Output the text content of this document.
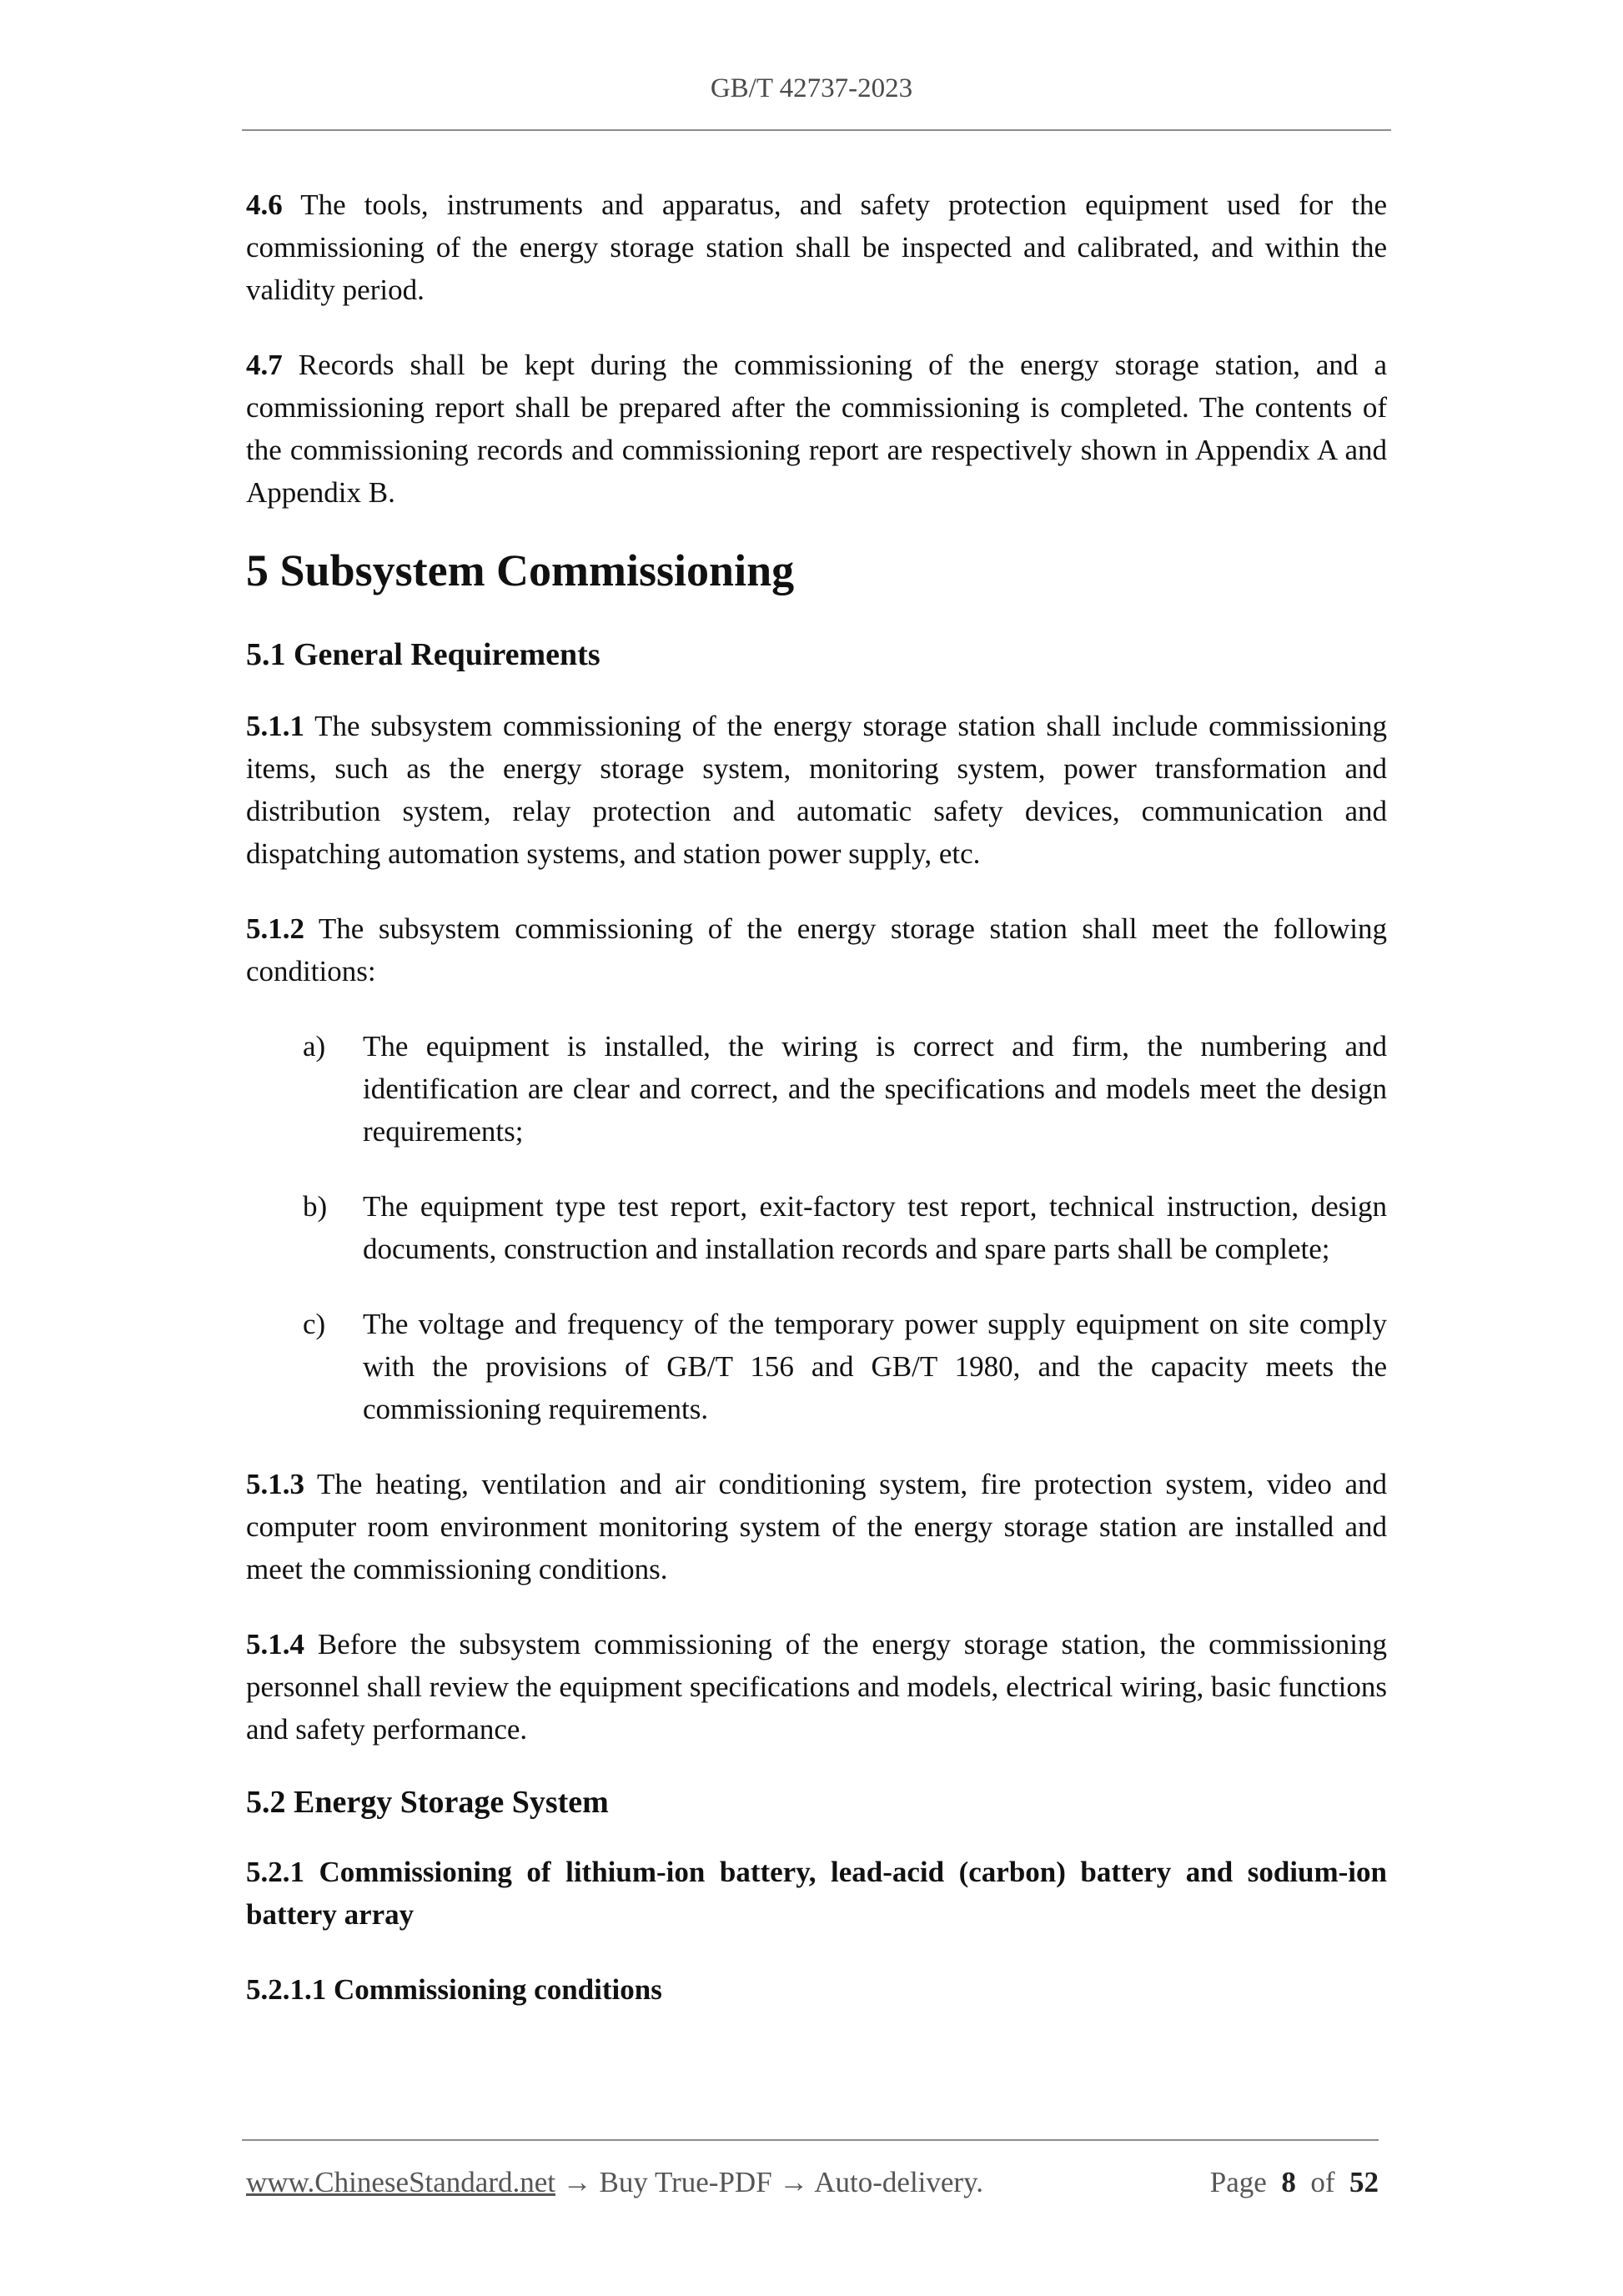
GB/T 42737-2023

4.6 The tools, instruments and apparatus, and safety protection equipment used for the commissioning of the energy storage station shall be inspected and calibrated, and within the validity period.

4.7 Records shall be kept during the commissioning of the energy storage station, and a commissioning report shall be prepared after the commissioning is completed. The contents of the commissioning records and commissioning report are respectively shown in Appendix A and Appendix B.

5 Subsystem Commissioning
5.1 General Requirements

5.1.1 The subsystem commissioning of the energy storage station shall include commissioning items, such as the energy storage system, monitoring system, power transformation and distribution system, relay protection and automatic safety devices, communication and dispatching automation systems, and station power supply, etc.

5.1.2 The subsystem commissioning of the energy storage station shall meet the following conditions:

a) The equipment is installed, the wiring is correct and firm, the numbering and identification are clear and correct, and the specifications and models meet the design requirements;

b) The equipment type test report, exit-factory test report, technical instruction, design documents, construction and installation records and spare parts shall be complete;

c) The voltage and frequency of the temporary power supply equipment on site comply with the provisions of GB/T 156 and GB/T 1980, and the capacity meets the commissioning requirements.

5.1.3 The heating, ventilation and air conditioning system, fire protection system, video and computer room environment monitoring system of the energy storage station are installed and meet the commissioning conditions.

5.1.4 Before the subsystem commissioning of the energy storage station, the commissioning personnel shall review the equipment specifications and models, electrical wiring, basic functions and safety performance.

5.2 Energy Storage System

5.2.1 Commissioning of lithium-ion battery, lead-acid (carbon) battery and sodium-ion battery array

5.2.1.1 Commissioning conditions

www.ChineseStandard.net → Buy True-PDF → Auto-delivery.	Page 8 of 52
